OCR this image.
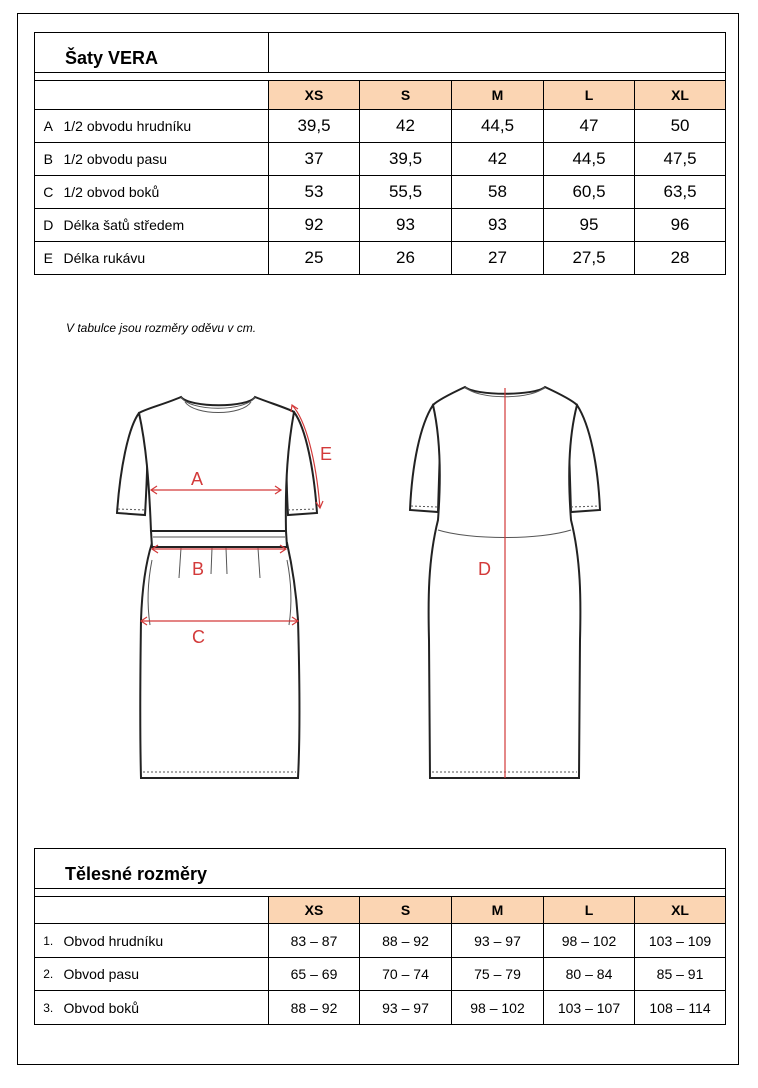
Šaty VERA						

		XS	S	M	L	XL
A	1/2 obvodu hrudníku	39,5	42	44,5	47	50
B	1/2 obvodu pasu	37	39,5	42	44,5	47,5
C	1/2 obvod boků	53	55,5	58	60,5	63,5
D	Délka šatů středem	92	93	93	95	96
E	Délka rukávu	25	26	27	27,5	28
V tabulce jsou rozměry oděvu v cm.
A
B
C
E
D
Tělesné rozměry						

		XS	S	M	L	XL
1.	Obvod hrudníku	83 – 87	88 – 92	93 – 97	98 – 102	103 – 109
2.	Obvod pasu	65 – 69	70 – 74	75 – 79	80 – 84	85 – 91
3.	Obvod boků	88 – 92	93 – 97	98 – 102	103 – 107	108 – 114
